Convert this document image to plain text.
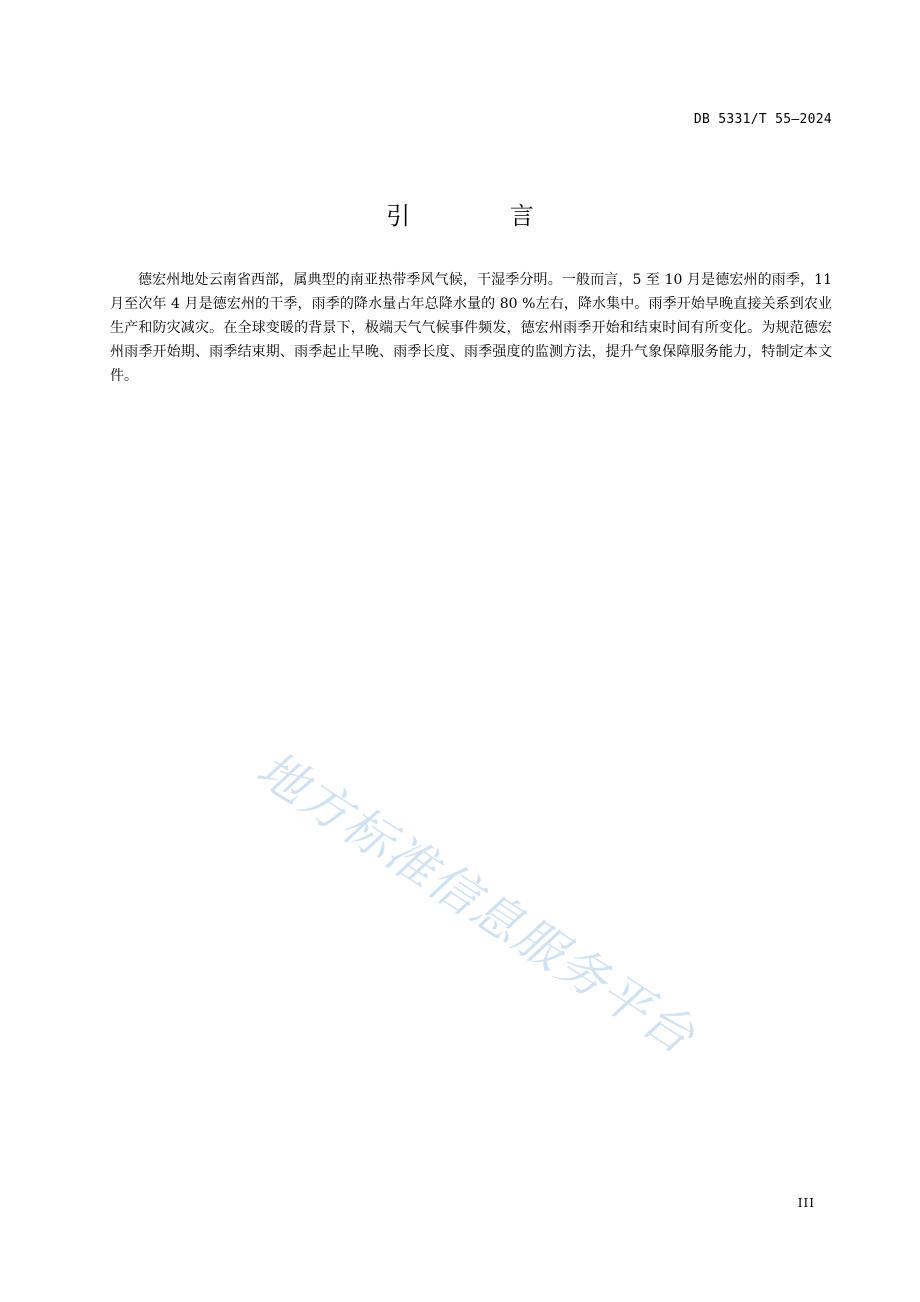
DB 5331/T 55—2024
引 言

德宏州地处云南省西部，属典型的南亚热带季风气候，干湿季分明。一般而言，5 至 10 月是德宏州的雨季，11 月至次年 4 月是德宏州的干季，雨季的降水量占年总降水量的 80 %左右，降水集中。雨季开始早晚直接关系到农业生产和防灾减灾。在全球变暖的背景下，极端天气气候事件频发，德宏州雨季开始和结束时间有所变化。为规范德宏州雨季开始期、雨季结束期、雨季起止早晚、雨季长度、雨季强度的监测方法，提升气象保障服务能力，特制定本文件。

地方标准信息服务平台
III
